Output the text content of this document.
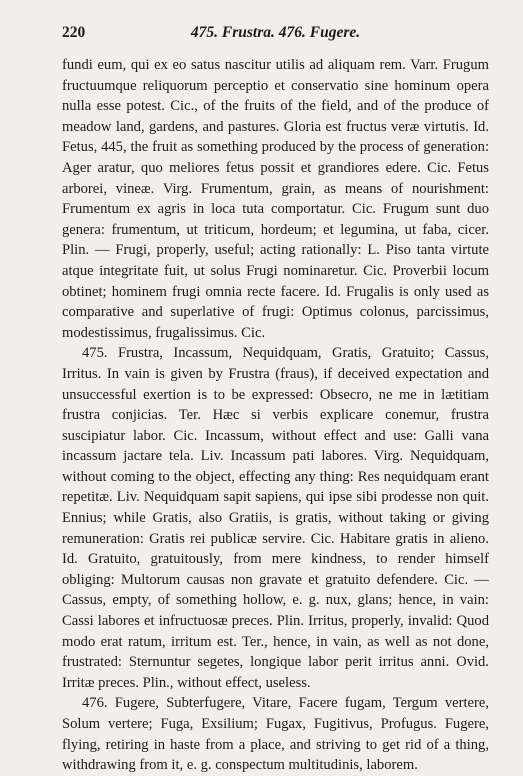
220	475. Frustra. 476. Fugere.

fundi eum, qui ex eo satus nascitur utilis ad aliquam rem. Varr. Frugum fructuumque reliquorum perceptio et conservatio sine hominum opera nulla esse potest. Cic., of the fruits of the field, and of the produce of meadow land, gardens, and pastures. Gloria est fructus veræ virtutis. Id. Fetus, 445, the fruit as something produced by the process of generation: Ager aratur, quo meliores fetus possit et grandiores edere. Cic. Fetus arborei, vineæ. Virg. Frumentum, grain, as means of nourishment: Frumentum ex agris in loca tuta comportatur. Cic. Frugum sunt duo genera: frumentum, ut triticum, hordeum; et legumina, ut faba, cicer. Plin. — Frugi, properly, useful; acting rationally: L. Piso tanta virtute atque integritate fuit, ut solus Frugi nominaretur. Cic. Proverbii locum obtinet; hominem frugi omnia recte facere. Id. Frugalis is only used as comparative and superlative of frugi: Optimus colonus, parcissimus, modestissimus, frugalissimus. Cic.

475. Frustra, Incassum, Nequidquam, Gratis, Gratuito; Cassus, Irritus. In vain is given by Frustra (fraus), if deceived expectation and unsuccessful exertion is to be expressed: Obsecro, ne me in lætitiam frustra conjicias. Ter. Hæc si verbis explicare conemur, frustra suscipiatur labor. Cic. Incassum, without effect and use: Galli vana incassum jactare tela. Liv. Incassum pati labores. Virg. Nequidquam, without coming to the object, effecting any thing: Res nequidquam erant repetitæ. Liv. Nequidquam sapit sapiens, qui ipse sibi prodesse non quit. Ennius; while Gratis, also Gratiis, is gratis, without taking or giving remuneration: Gratis rei publicæ servire. Cic. Habitare gratis in alieno. Id. Gratuito, gratuitously, from mere kindness, to render himself obliging: Multorum causas non gravate et gratuito defendere. Cic. — Cassus, empty, of something hollow, e. g. nux, glans; hence, in vain: Cassi labores et infructuosæ preces. Plin. Irritus, properly, invalid: Quod modo erat ratum, irritum est. Ter., hence, in vain, as well as not done, frustrated: Sternuntur segetes, longique labor perit irritus anni. Ovid. Irritæ preces. Plin., without effect, useless.

476. Fugere, Subterfugere, Vitare, Facere fugam, Tergum vertere, Solum vertere; Fuga, Exsilium; Fugax, Fugitivus, Profugus. Fugere, flying, retiring in haste from a place, and striving to get rid of a thing, withdrawing from it, e. g. conspectum multitudinis, laborem.
